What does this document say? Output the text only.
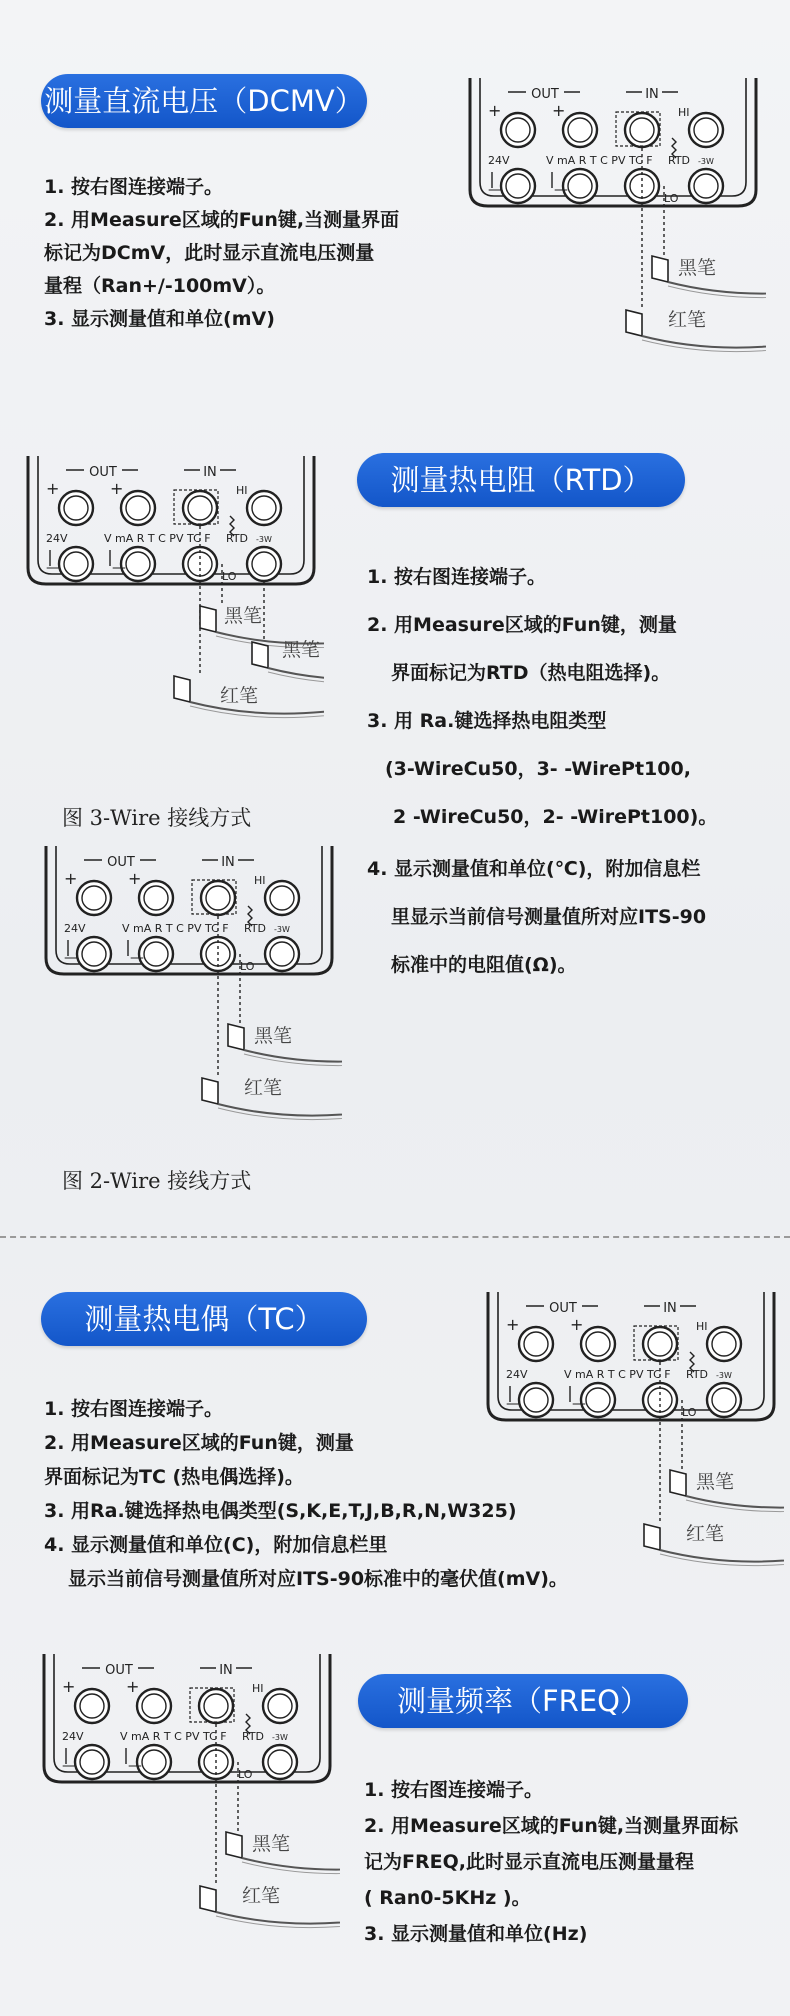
测量直流电压（DCMV）

1. 按右图连接端子。

2. 用Measure区域的Fun键,当测量界面

标记为DCmV，此时显示直流电压测量

量程（Ran+/-100mV）。

3. 显示测量值和单位(mV)

OUT	IN
+	+	HI
24V	V mA R T C P V TC F RTD -3W
LO
—	—
黑笔
红笔
OUT	IN
+	+	HI
24V	V mA R T C P V TC F RTD -3W
LO
—	—
黑笔
黑笔
红笔
测量热电阻（RTD）

1. 按右图连接端子。

2. 用Measure区域的Fun键，测量

界面标记为RTD（热电阻选择)。

3. 用 Ra.键选择热电阻类型

(3-WireCu50，3- -WirePt100,

2 -WireCu50，2- -WirePt100)。

4. 显示测量值和单位(℃)，附加信息栏

里显示当前信号测量值所对应ITS-90

标准中的电阻值(Ω)。

图 3-Wire 接线方式
OUT	IN
+	+	HI
24V	V mA R T C P V TC F RTD -3W
LO
—	—
黑笔
红笔
图 2-Wire 接线方式
测量热电偶（TC）

1. 按右图连接端子。

2. 用Measure区域的Fun键，测量

界面标记为TC (热电偶选择)。

3. 用Ra.键选择热电偶类型(S,K,E,T,J,B,R,N,W325)

4. 显示测量值和单位(C)，附加信息栏里

显示当前信号测量值所对应ITS-90标准中的毫伏值(mV)。

OUT	IN
+	+	HI
24V	V mA R T C P V TC F RTD -3W
LO
—	—
黑笔
红笔
OUT	IN
+	+	HI
24V	V mA R T C P V TC F RTD -3W
LO
—	—
黑笔
红笔
测量频率（FREQ）

1. 按右图连接端子。

2. 用Measure区域的Fun键,当测量界面标

记为FREQ,此时显示直流电压测量量程

( Ran0-5KHz )。

3. 显示测量值和单位(Hz)
